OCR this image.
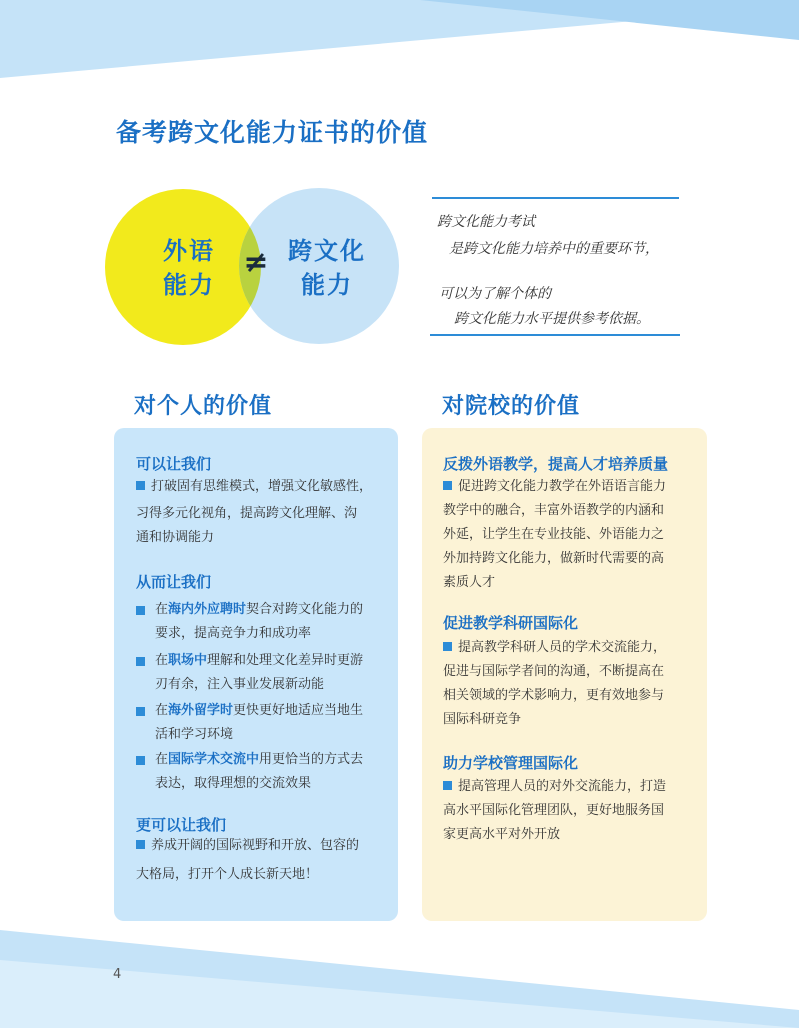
备考跨文化能力证书的价值
外语
能力
≠ 跨文化
能力
跨文化能力考试
是跨文化能力培养中的重要环节，
可以为了解个体的
跨文化能力水平提供参考依据。
对个人的价值	对院校的价值
可以让我们
打破固有思维模式，增强文化敏感性，
习得多元化视角，提高跨文化理解、沟
通和协调能力
从而让我们
在海内外应聘时契合对跨文化能力的
要求，提高竞争力和成功率
在职场中理解和处理文化差异时更游
刃有余，注入事业发展新动能
在海外留学时更快更好地适应当地生
活和学习环境
在国际学术交流中用更恰当的方式去
表达，取得理想的交流效果
更可以让我们
养成开阔的国际视野和开放、包容的
大格局，打开个人成长新天地！
反拨外语教学，提高人才培养质量
促进跨文化能力教学在外语语言能力
教学中的融合，丰富外语教学的内涵和
外延，让学生在专业技能、外语能力之
外加持跨文化能力，做新时代需要的高
素质人才
促进教学科研国际化
提高教学科研人员的学术交流能力，
促进与国际学者间的沟通，不断提高在
相关领域的学术影响力，更有效地参与
国际科研竞争
助力学校管理国际化
提高管理人员的对外交流能力，打造
高水平国际化管理团队，更好地服务国
家更高水平对外开放
4
